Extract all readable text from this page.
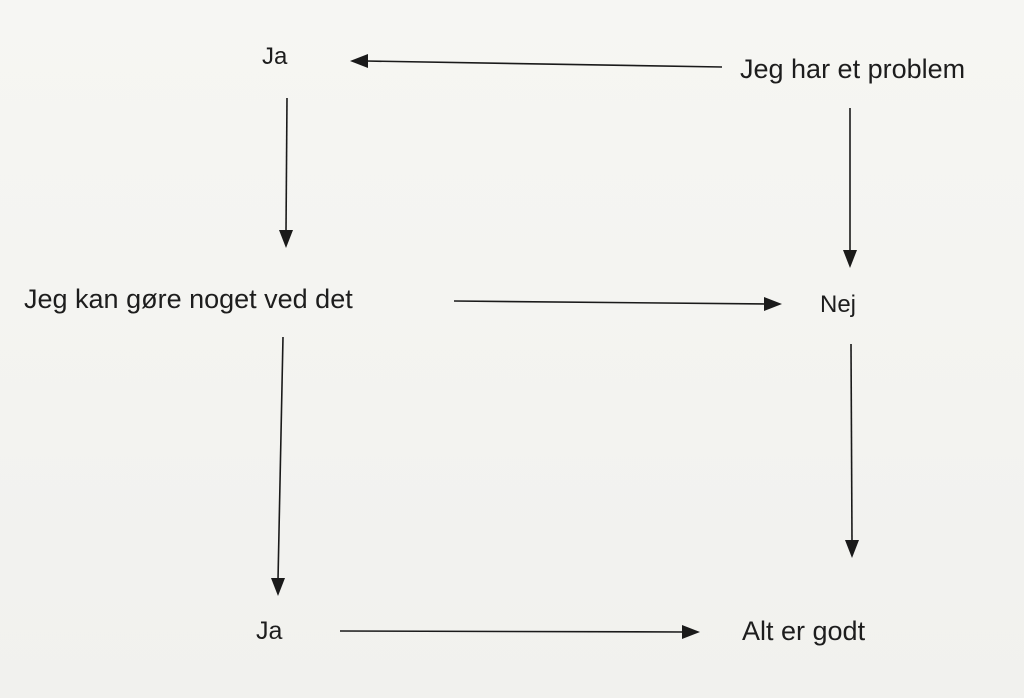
Jeg har et problem
Ja
Jeg kan gøre noget ved det	Nej
Ja	Alt er godt
